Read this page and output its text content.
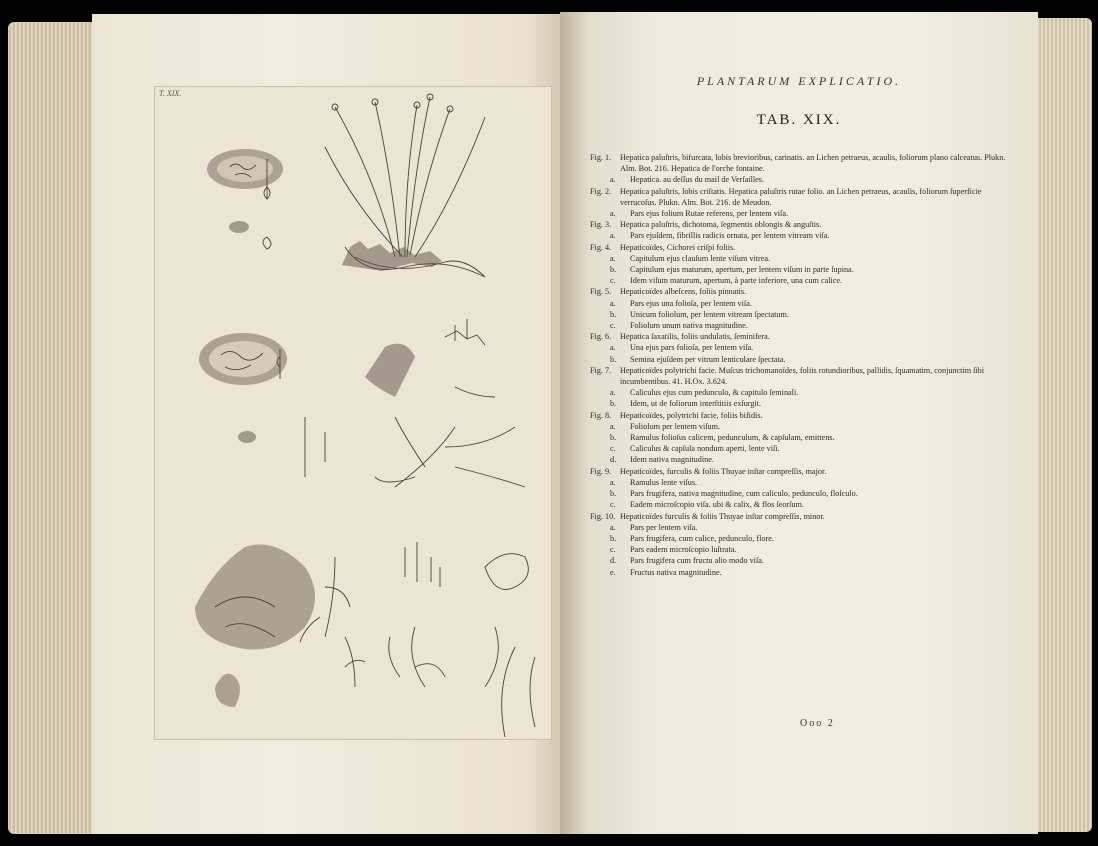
T. XIX.
PLANTARUM EXPLICATIO.
TAB. XIX.
Fig. 1.	Hepatica paluſtris, bifurcata, lobis brevioribus, carinatis. an Lichen petraeus, acaulis, foliorum plano calceatus. Plukn. Alm. Bot. 216. Hepatica de l'orche fontaine.
a.	Hepatica. au deſſus du mail de Verſailles.
Fig. 2.	Hepatica paluſtris, lobis criſtatis. Hepatica paluſtris rutae folio. an Lichen petraeus, acaulis, foliorum ſuperficie verrucoſus. Plukn. Alm. Bot. 216. de Meudon.
a.	Pars ejus folium Rutae referens, per lentem viſa.
Fig. 3.	Hepatica paluſtris, dichotoma, ſegmentis oblongis & anguſtis.
a.	Pars ejuſdem, fibrillis radicis ornata, per lentem vitream viſa.
Fig. 4.	Hepaticoïdes, Cichorei criſpi foliis.
a.	Capitulum ejus clauſum lente viſum vitrea.
b.	Capitulum ejus maturum, apertum, per lentem viſum in parte ſupina.
c.	Idem viſum maturum, apertum, à parte inferiore, una cum calice.
Fig. 5.	Hepaticoïdes albeſcens, foliis pinnatis.
a.	Pars ejus una folioſa, per lentem viſa.
b.	Unicum foliolum, per lentem vitream ſpectatum.
c.	Foliolum unum nativa magnitudine.
Fig. 6.	Hepatica ſaxatilis, foliis undulatis, ſeminifera.
a.	Una ejus pars folioſa, per lentem viſa.
b.	Semina ejuſdem per vitrum lenticulare ſpectata.
Fig. 7.	Hepaticoïdes polytrichi facie. Muſcus trichomanoïdes, foliis rotundioribus, pallidis, ſquamatim, conjunctim ſibi incumbentibus. 41. H.Ox. 3.624.
a.	Caliculus ejus cum pedunculo, & capitulo ſeminali.
b.	Idem, ut de foliorum interſtitiis exſurgit.
Fig. 8.	Hepaticoïdes, polytrichi facie, foliis bifidis.
a.	Foliolum per lentem viſum.
b.	Ramulus folioſus calicem, pedunculum, & capſulam, emittens.
c.	Caliculus & capſula nondum aperti, lente viſi.
d.	Idem nativa magnitudine.
Fig. 9.	Hepaticoïdes, furculis & foliis Thuyae inſtar compreſſis, major.
a.	Ramulus lente viſus.
b.	Pars frugifera, nativa magnitudine, cum caliculo, pedunculo, floſculo.
c.	Eadem microſcopio viſa. ubi & calix, & flos ſeorſum.
Fig. 10. Hepaticoïdes furculis & foliis Thuyae inſtar compreſſis, minor.
a.	Pars per lentem viſa.
b.	Pars frugifera, cum calice, pedunculo, flore.
c.	Pars eadem microſcopio luſtrata.
d.	Pars frugifera cum fructu alio modo viſa.
e.	Fructus nativa magnitudine.
Ooo 2
